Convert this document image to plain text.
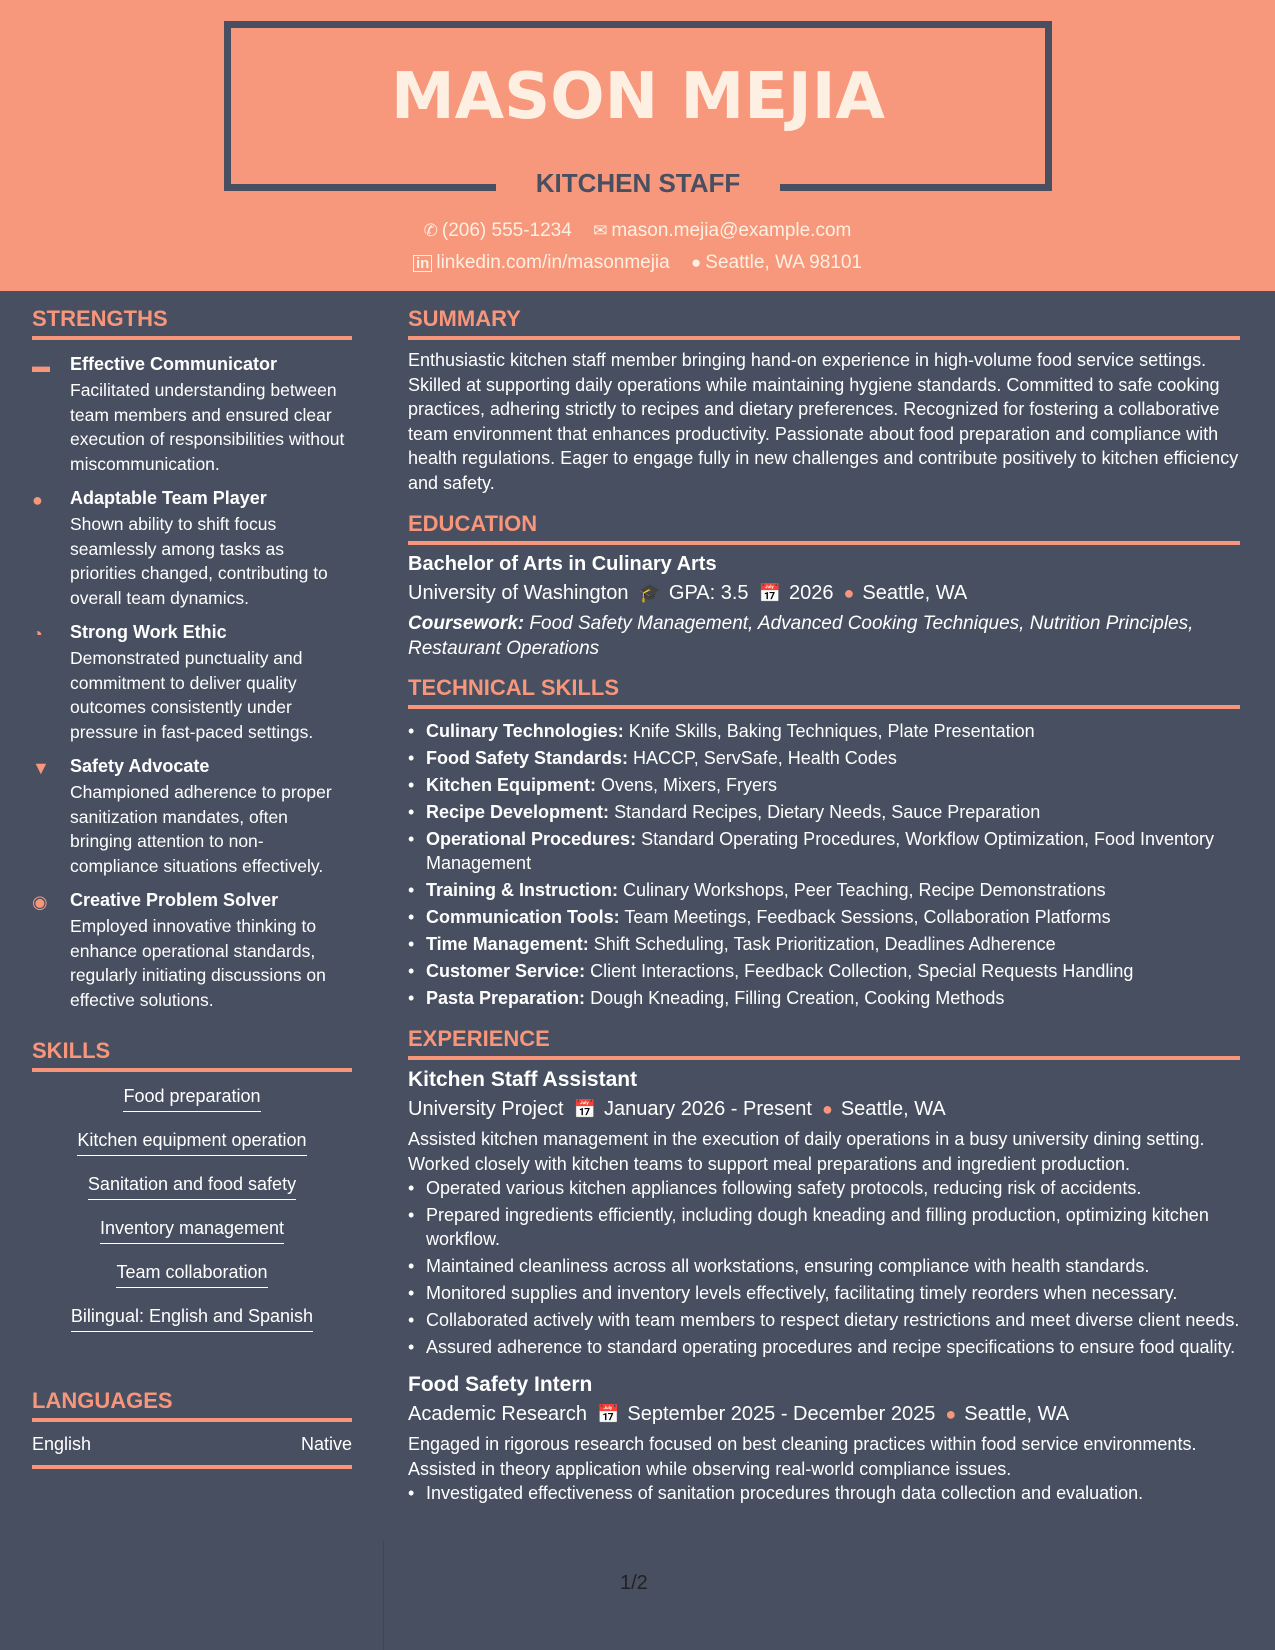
MASON MEJIA
KITCHEN STAFF
✆ (206) 555-1234 ✉ mason.mejia@example.com
in linkedin.com/in/masonmejia ● Seattle, WA 98101
STRENGTHS
▬	Effective Communicator
Facilitated understanding between team members and ensured clear execution of responsibilities without miscommunication.
●	Adaptable Team Player
Shown ability to shift focus seamlessly among tasks as priorities changed, contributing to overall team dynamics.
◔	Strong Work Ethic
Demonstrated punctuality and commitment to deliver quality outcomes consistently under pressure in fast-paced settings.
▼	Safety Advocate
Championed adherence to proper sanitization mandates, often bringing attention to non-compliance situations effectively.
◉	Creative Problem Solver
Employed innovative thinking to enhance operational standards, regularly initiating discussions on effective solutions.
SKILLS
Food preparation
Kitchen equipment operation
Sanitation and food safety
Inventory management
Team collaboration
Bilingual: English and Spanish
LANGUAGES
English	Native
SUMMARY
Enthusiastic kitchen staff member bringing hand-on experience in high-volume food service settings. Skilled at supporting daily operations while maintaining hygiene standards. Committed to safe cooking practices, adhering strictly to recipes and dietary preferences. Recognized for fostering a collaborative team environment that enhances productivity. Passionate about food preparation and compliance with health regulations. Eager to engage fully in new challenges and contribute positively to kitchen efficiency and safety.
EDUCATION
Bachelor of Arts in Culinary Arts
University of Washington 🎓 GPA: 3.5 📅 2026 ● Seattle, WA
Coursework: Food Safety Management, Advanced Cooking Techniques, Nutrition Principles, Restaurant Operations
TECHNICAL SKILLS
• Culinary Technologies: Knife Skills, Baking Techniques, Plate Presentation
• Food Safety Standards: HACCP, ServSafe, Health Codes
• Kitchen Equipment: Ovens, Mixers, Fryers
• Recipe Development: Standard Recipes, Dietary Needs, Sauce Preparation
• Operational Procedures: Standard Operating Procedures, Workflow Optimization, Food Inventory Management
• Training & Instruction: Culinary Workshops, Peer Teaching, Recipe Demonstrations
• Communication Tools: Team Meetings, Feedback Sessions, Collaboration Platforms
• Time Management: Shift Scheduling, Task Prioritization, Deadlines Adherence
• Customer Service: Client Interactions, Feedback Collection, Special Requests Handling
• Pasta Preparation: Dough Kneading, Filling Creation, Cooking Methods
EXPERIENCE
Kitchen Staff Assistant
University Project 📅 January 2026 - Present ● Seattle, WA
Assisted kitchen management in the execution of daily operations in a busy university dining setting. Worked closely with kitchen teams to support meal preparations and ingredient production.
• Operated various kitchen appliances following safety protocols, reducing risk of accidents.
• Prepared ingredients efficiently, including dough kneading and filling production, optimizing kitchen workflow.
• Maintained cleanliness across all workstations, ensuring compliance with health standards.
• Monitored supplies and inventory levels effectively, facilitating timely reorders when necessary.
• Collaborated actively with team members to respect dietary restrictions and meet diverse client needs.
• Assured adherence to standard operating procedures and recipe specifications to ensure food quality.
Food Safety Intern
Academic Research 📅 September 2025 - December 2025 ● Seattle, WA
Engaged in rigorous research focused on best cleaning practices within food service environments. Assisted in theory application while observing real-world compliance issues.
• Investigated effectiveness of sanitation procedures through data collection and evaluation.
1/2
